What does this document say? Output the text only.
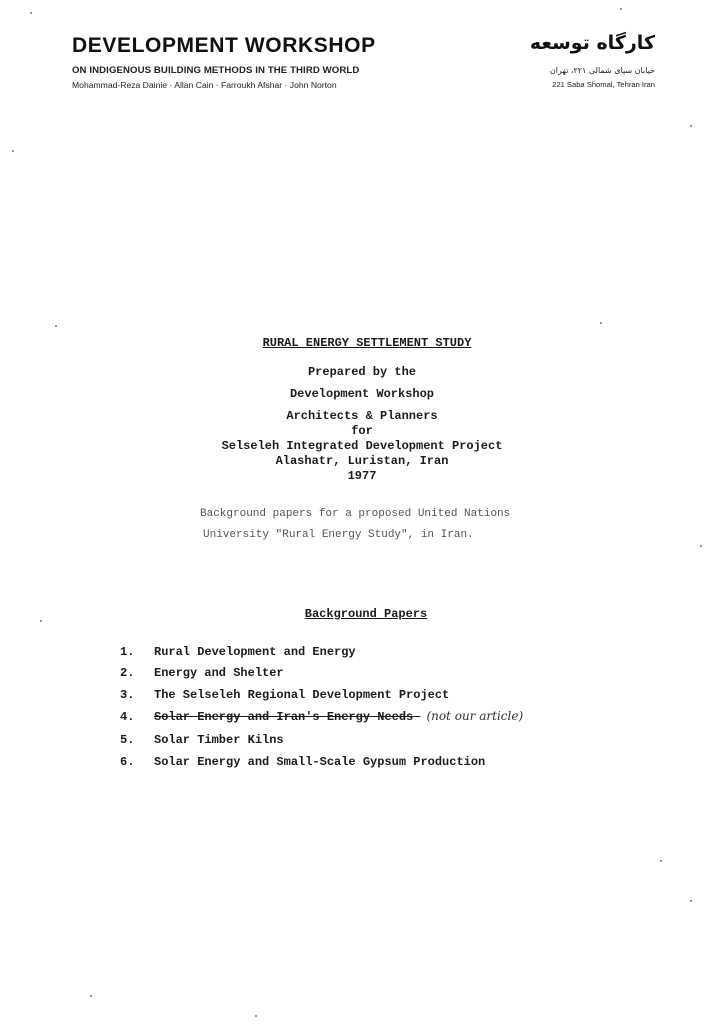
DEVELOPMENT WORKSHOP
ON INDIGENOUS BUILDING METHODS IN THE THIRD WORLD
Mohammad-Reza Dainie · Allan Cain · Farroukh Afshar · John Norton
کارگاه توسعه
خیابان سپای شمالی ۲۲۱، تهران
221 Saba Shomal, Tehran Iran
RURAL ENERGY SETTLEMENT STUDY
Prepared by the
Development Workshop
Architects & Planners
for
Selseleh Integrated Development Project
Alashatr, Luristan, Iran
1977
Background papers for a proposed United Nations
University "Rural Energy Study", in Iran.
Background Papers
1. Rural Development and Energy
2. Energy and Shelter
3. The Selseleh Regional Development Project
4. Solar Energy and Iran's Energy Needs (not our article)
5. Solar Timber Kilns
6. Solar Energy and Small-Scale Gypsum Production
